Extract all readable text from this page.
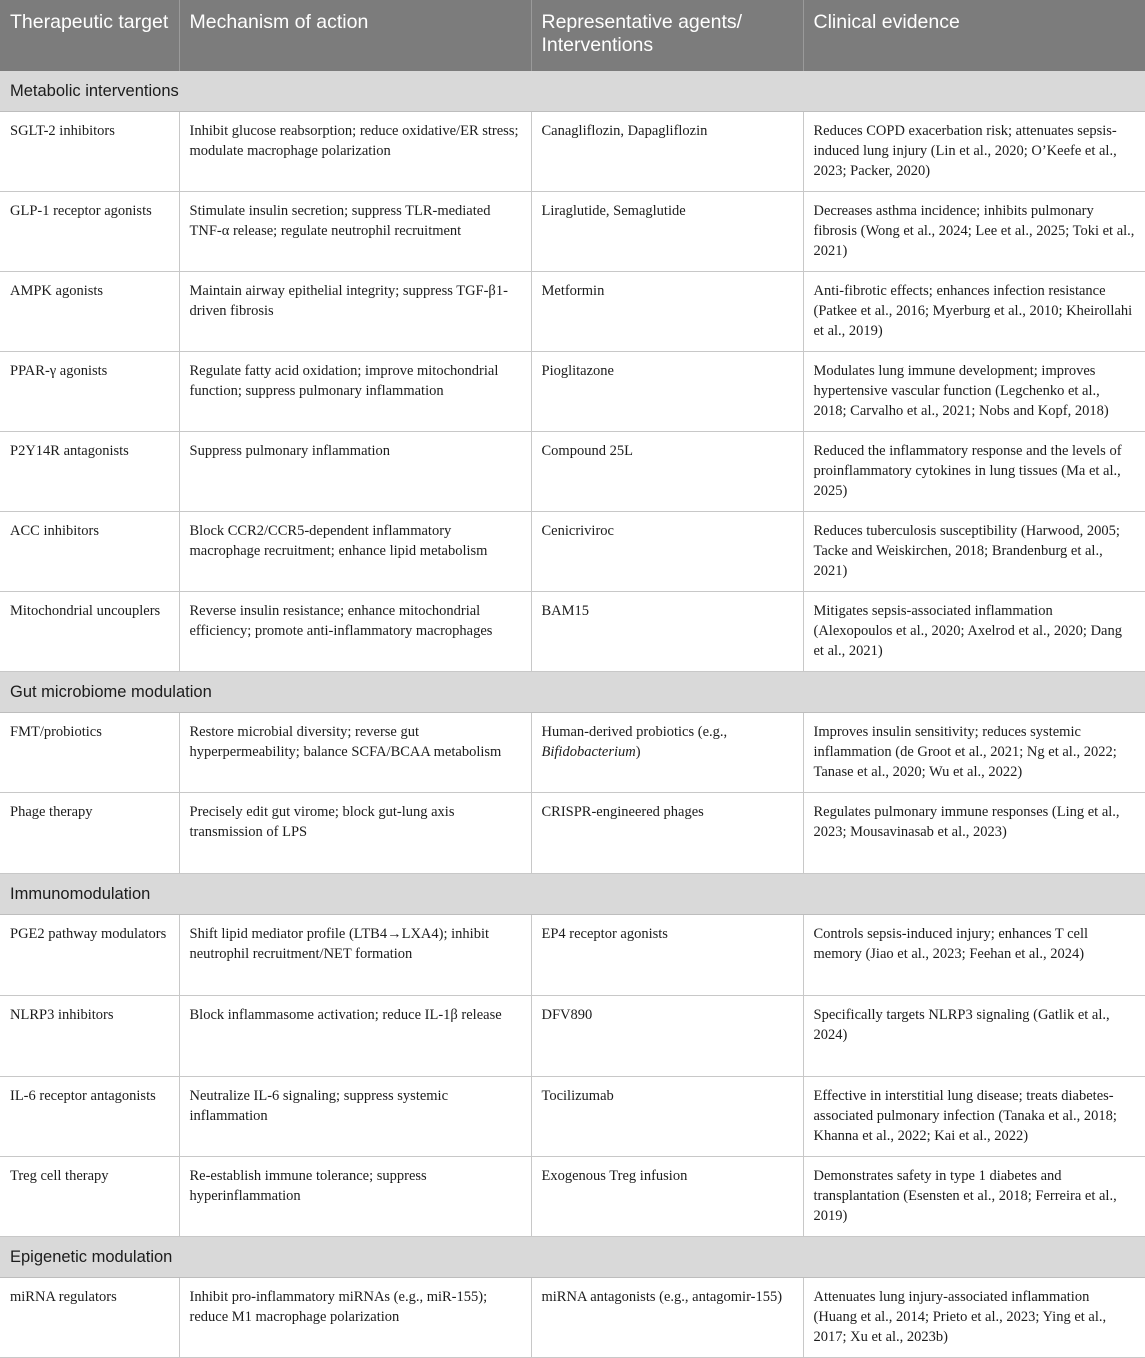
Therapeutic target	Mechanism of action	Representative agents/ Interventions	Clinical evidence
Metabolic interventions			
SGLT-2 inhibitors	Inhibit glucose reabsorption; reduce oxidative/ER stress; modulate macrophage polarization	Canagliflozin, Dapagliflozin	Reduces COPD exacerbation risk; attenuates sepsis-induced lung injury (Lin et al., 2020; O’Keefe et al., 2023; Packer, 2020)
GLP-1 receptor agonists	Stimulate insulin secretion; suppress TLR-mediated TNF-α release; regulate neutrophil recruitment	Liraglutide, Semaglutide	Decreases asthma incidence; inhibits pulmonary fibrosis (Wong et al., 2024; Lee et al., 2025; Toki et al., 2021)
AMPK agonists	Maintain airway epithelial integrity; suppress TGF-β1-driven fibrosis	Metformin	Anti-fibrotic effects; enhances infection resistance (Patkee et al., 2016; Myerburg et al., 2010; Kheirollahi et al., 2019)
PPAR-γ agonists	Regulate fatty acid oxidation; improve mitochondrial function; suppress pulmonary inflammation	Pioglitazone	Modulates lung immune development; improves hypertensive vascular function (Legchenko et al., 2018; Carvalho et al., 2021; Nobs and Kopf, 2018)
P2Y14R antagonists	Suppress pulmonary inflammation	Compound 25L	Reduced the inflammatory response and the levels of proinflammatory cytokines in lung tissues (Ma et al., 2025)
ACC inhibitors	Block CCR2/CCR5-dependent inflammatory macrophage recruitment; enhance lipid metabolism	Cenicriviroc	Reduces tuberculosis susceptibility (Harwood, 2005; Tacke and Weiskirchen, 2018; Brandenburg et al., 2021)
Mitochondrial uncouplers	Reverse insulin resistance; enhance mitochondrial efficiency; promote anti-inflammatory macrophages	BAM15	Mitigates sepsis-associated inflammation (Alexopoulos et al., 2020; Axelrod et al., 2020; Dang et al., 2021)
Gut microbiome modulation			
FMT/probiotics	Restore microbial diversity; reverse gut hyperpermeability; balance SCFA/BCAA metabolism	Human-derived probiotics (e.g., Bifidobacterium)	Improves insulin sensitivity; reduces systemic inflammation (de Groot et al., 2021; Ng et al., 2022; Tanase et al., 2020; Wu et al., 2022)
Phage therapy	Precisely edit gut virome; block gut-lung axis transmission of LPS	CRISPR-engineered phages	Regulates pulmonary immune responses (Ling et al., 2023; Mousavinasab et al., 2023)
Immunomodulation			
PGE2 pathway modulators	Shift lipid mediator profile (LTB4→LXA4); inhibit neutrophil recruitment/NET formation	EP4 receptor agonists	Controls sepsis-induced injury; enhances T cell memory (Jiao et al., 2023; Feehan et al., 2024)
NLRP3 inhibitors	Block inflammasome activation; reduce IL-1β release	DFV890	Specifically targets NLRP3 signaling (Gatlik et al., 2024)
IL-6 receptor antagonists	Neutralize IL-6 signaling; suppress systemic inflammation	Tocilizumab	Effective in interstitial lung disease; treats diabetes-associated pulmonary infection (Tanaka et al., 2018; Khanna et al., 2022; Kai et al., 2022)
Treg cell therapy	Re-establish immune tolerance; suppress hyperinflammation	Exogenous Treg infusion	Demonstrates safety in type 1 diabetes and transplantation (Esensten et al., 2018; Ferreira et al., 2019)
Epigenetic modulation			
miRNA regulators	Inhibit pro-inflammatory miRNAs (e.g., miR-155); reduce M1 macrophage polarization	miRNA antagonists (e.g., antagomir-155)	Attenuates lung injury-associated inflammation (Huang et al., 2014; Prieto et al., 2023; Ying et al., 2017; Xu et al., 2023b)
